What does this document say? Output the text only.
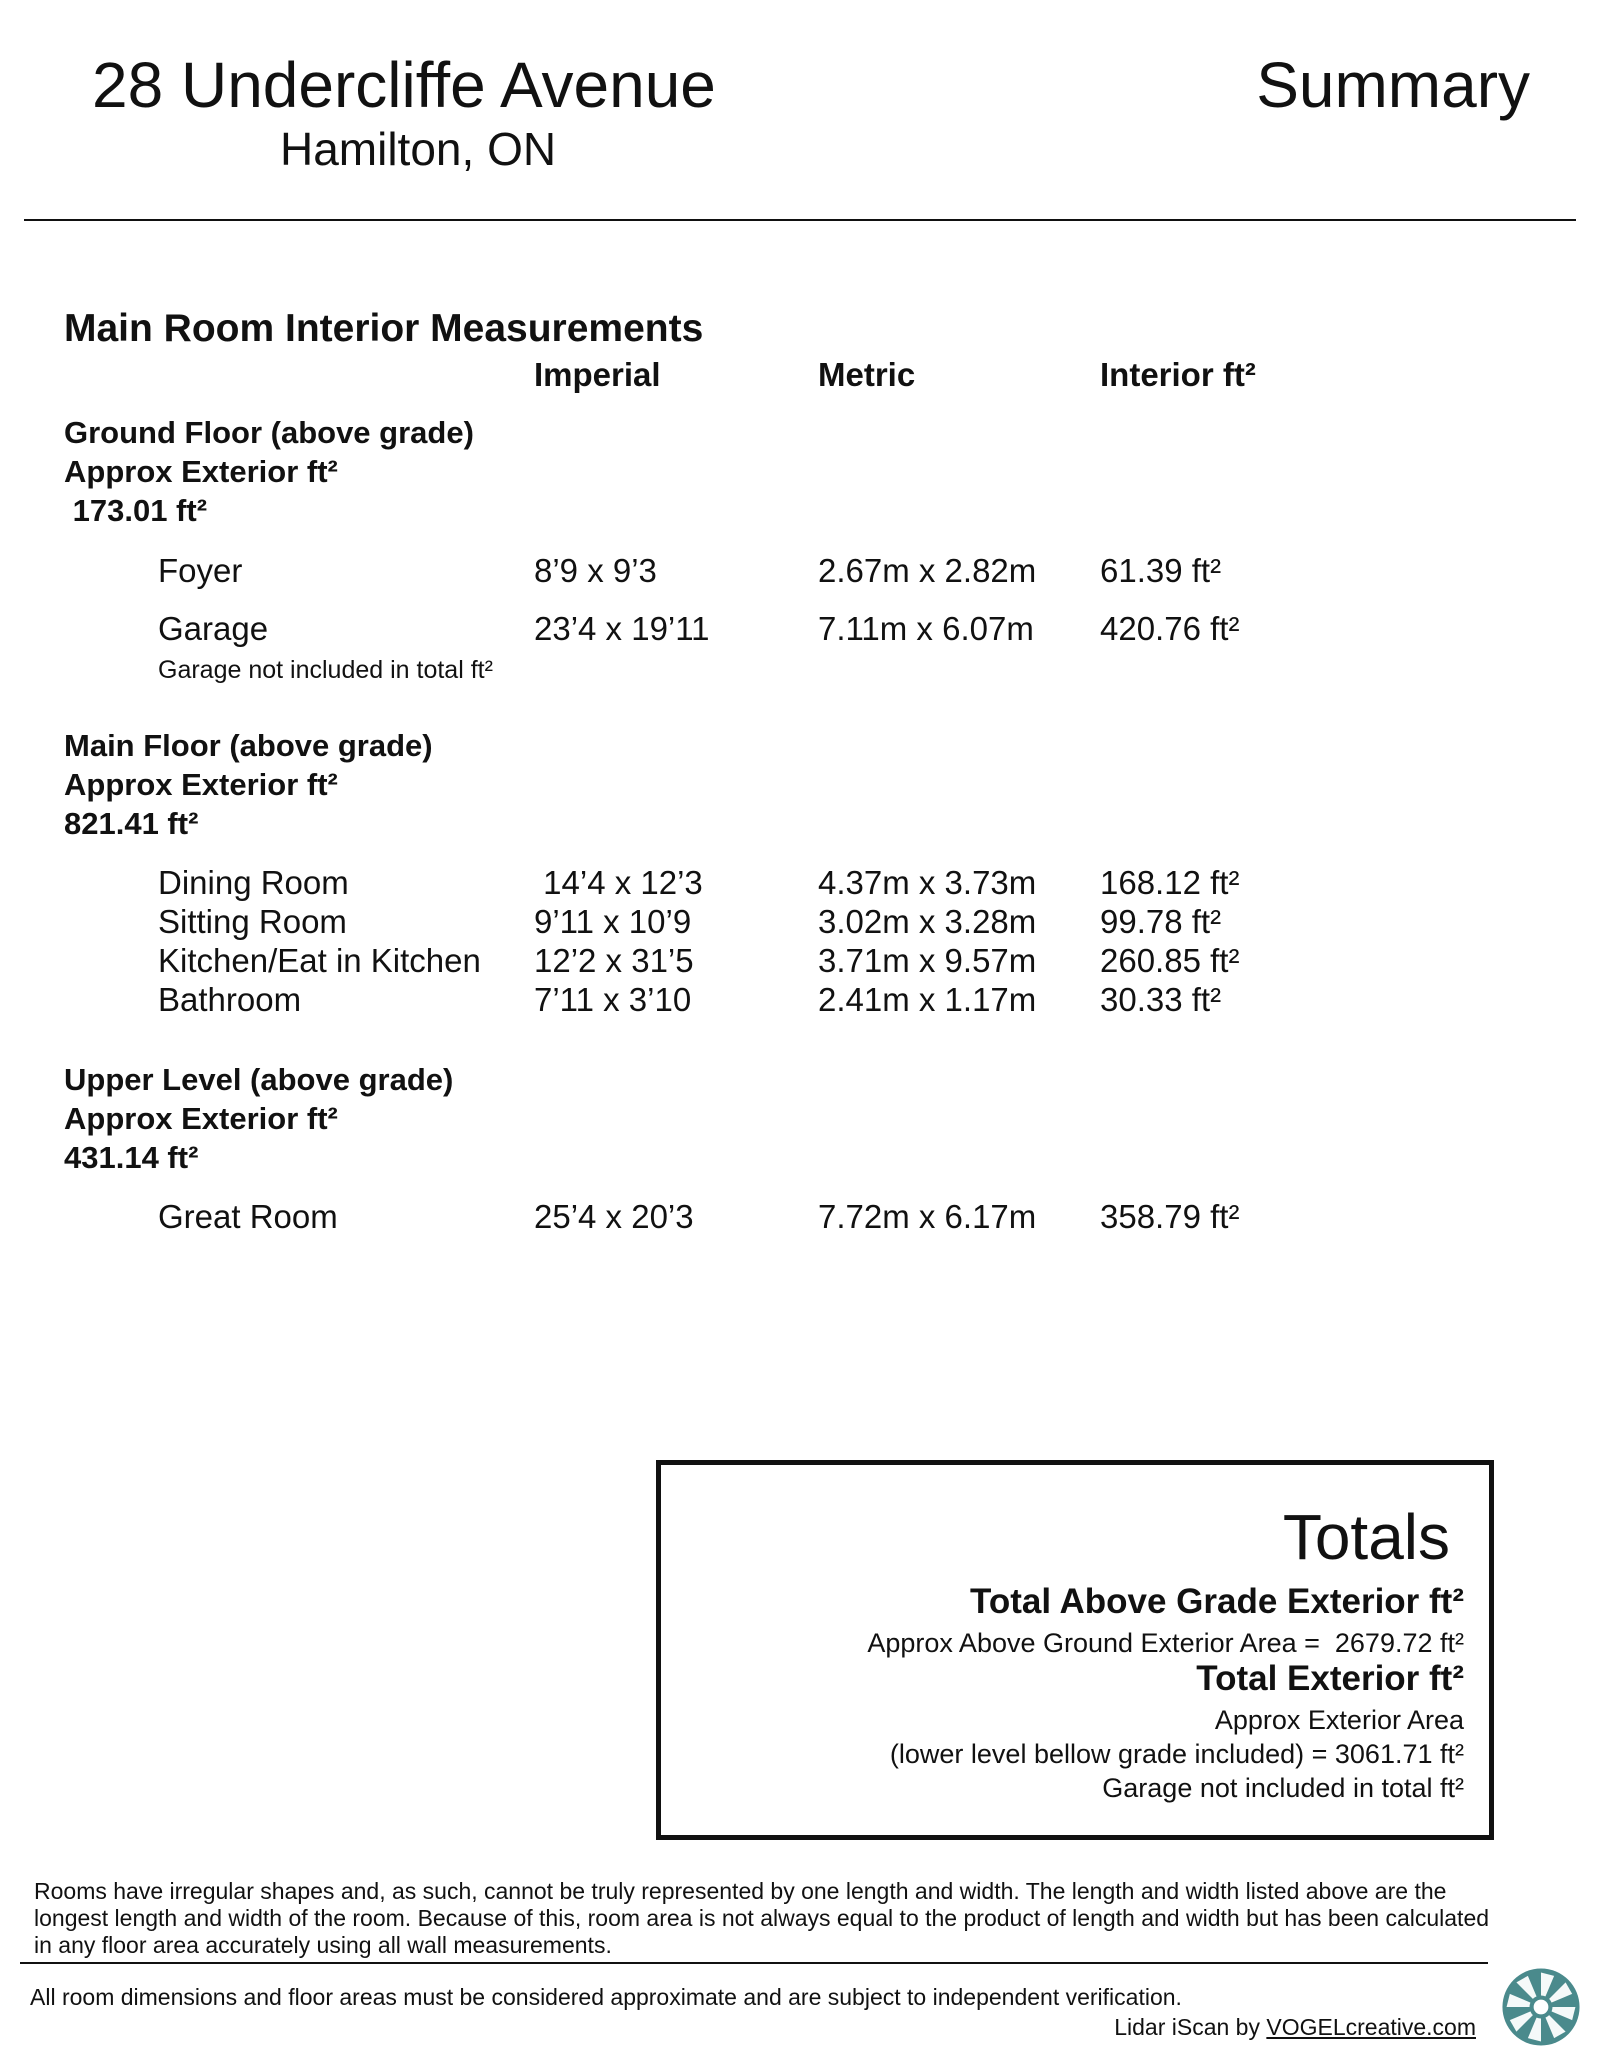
28 Undercliffe Avenue
Hamilton, ON
Summary
Main Room Interior Measurements
Imperial	Metric	Interior ft²
Ground Floor (above grade)
Approx Exterior ft²
173.01 ft²
Foyer	8’9 x 9’3	2.67m x 2.82m 61.39 ft²
Garage	23’4 x 19’11	7.11m x 6.07m 420.76 ft²
Garage not included in total ft²
Main Floor (above grade)
Approx Exterior ft²
821.41 ft²
Dining Room	14’4 x 12’3	4.37m x 3.73m 168.12 ft²
Sitting Room	9’11 x 10’9	3.02m x 3.28m 99.78 ft²
Kitchen/Eat in Kitchen 12’2 x 31’5	3.71m x 9.57m 260.85 ft²
Bathroom	7’11 x 3’10	2.41m x 1.17m 30.33 ft²
Upper Level (above grade)
Approx Exterior ft²
431.14 ft²
Great Room	25’4 x 20’3	7.72m x 6.17m 358.79 ft²
Totals
Total Above Grade Exterior ft²
Approx Above Ground Exterior Area =  2679.72 ft²
Total Exterior ft²
Approx Exterior Area
(lower level bellow grade included) = 3061.71 ft²
Garage not included in total ft²
Rooms have irregular shapes and, as such, cannot be truly represented by one length and width. The length and width listed above are the longest length and width of the room. Because of this, room area is not always equal to the product of length and width but has been calculated in any floor area accurately using all wall measurements.
All room dimensions and floor areas must be considered approximate and are subject to independent verification.
Lidar iScan by VOGELcreative.com
